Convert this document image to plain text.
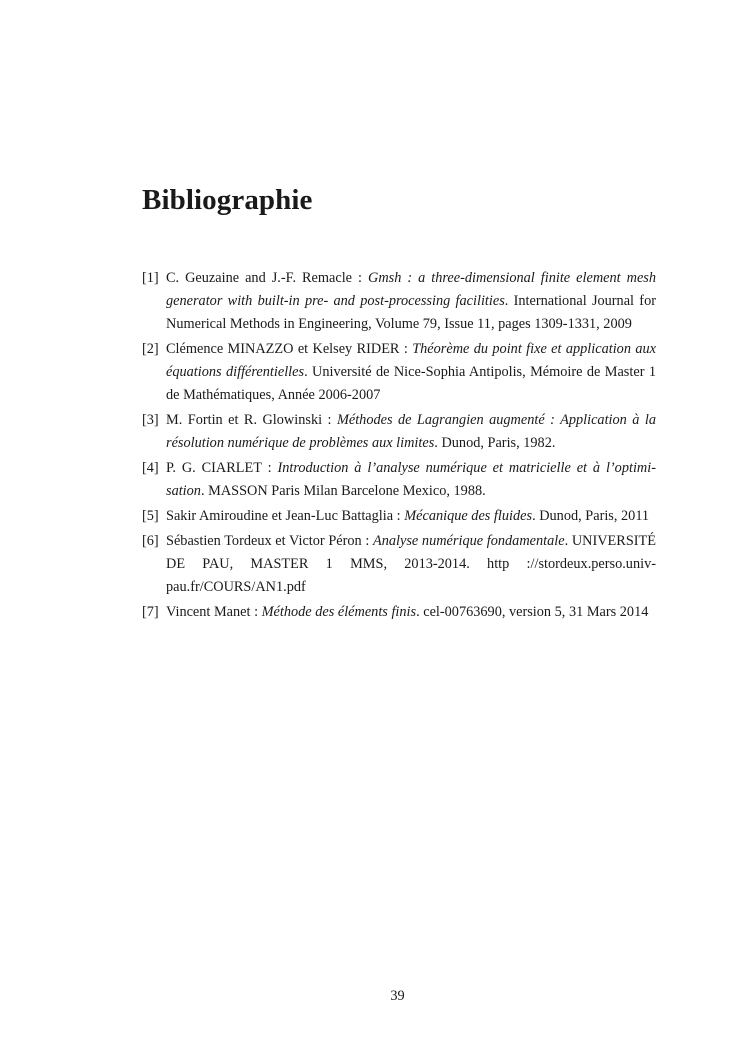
Bibliographie
[1] C. Geuzaine and J.-F. Remacle : Gmsh : a three-dimensional finite element mesh generator with built-in pre- and post-processing facilities. International Journal for Numerical Methods in Engineering, Volume 79, Issue 11, pages 1309-1331, 2009
[2] Clémence MINAZZO et Kelsey RIDER : Théorème du point fixe et application aux équations différentielles. Université de Nice-Sophia Antipolis, Mémoire de Master 1 de Mathématiques, Année 2006-2007
[3] M. Fortin et R. Glowinski : Méthodes de Lagrangien augmenté : Application à la résolution numérique de problèmes aux limites. Dunod, Paris, 1982.
[4] P. G. CIARLET : Introduction à l’analyse numérique et matricielle et à l’optimisation. MASSON Paris Milan Barcelone Mexico, 1988.
[5] Sakir Amiroudine et Jean-Luc Battaglia : Mécanique des fluides. Dunod, Paris, 2011
[6] Sébastien Tordeux et Victor Péron : Analyse numérique fondamentale. UNIVERSITÉ DE PAU, MASTER 1 MMS, 2013-2014. http ://stordeux.perso.univ-pau.fr/COURS/AN1.pdf
[7] Vincent Manet : Méthode des éléments finis. cel-00763690, version 5, 31 Mars 2014
39
